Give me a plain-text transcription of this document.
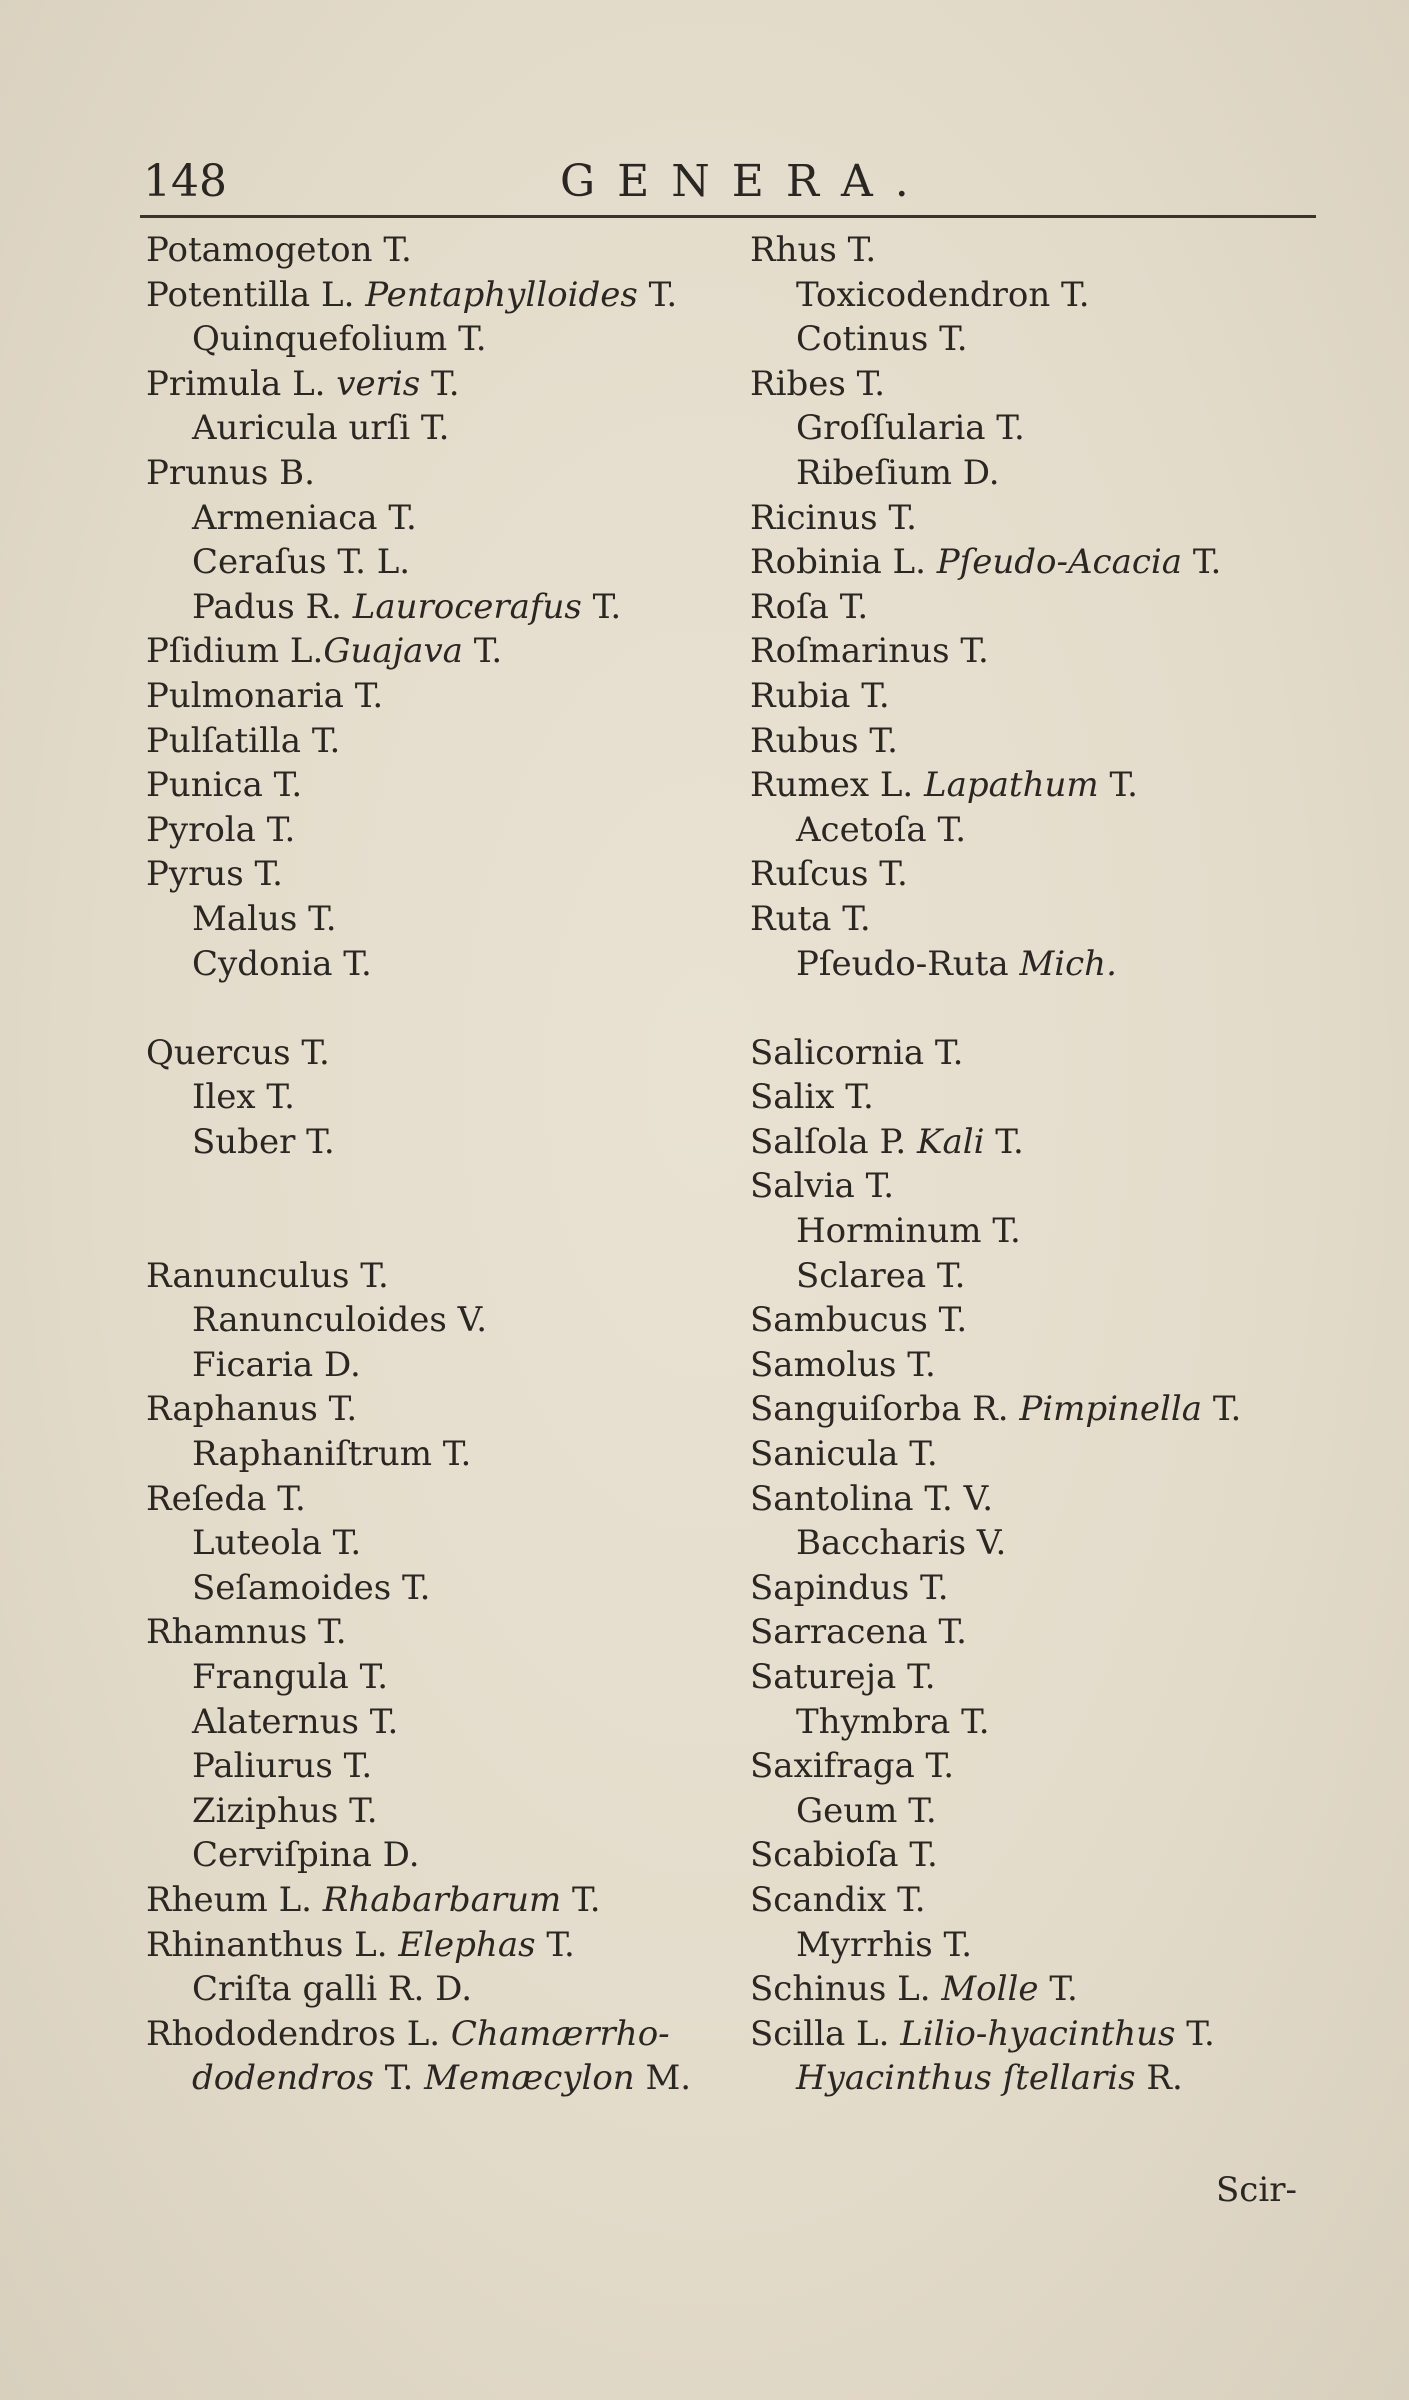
148	GENERA.
Potamogeton T.
Potentilla L. Pentaphylloides T.
Quinquefolium T.
Primula L. veris T.
Auricula urſi T.
Prunus B.
Armeniaca T.
Ceraſus T. L.
Padus R. Laurocerafus T.
Pſidium L.Guajava T.
Pulmonaria T.
Pulſatilla T.
Punica T.
Pyrola T.
Pyrus T.
Malus T.
Cydonia T.
Quercus T.
Ilex T.
Suber T.
Ranunculus T.
Ranunculoides V.
Ficaria D.
Raphanus T.
Raphaniſtrum T.
Reſeda T.
Luteola T.
Seſamoides T.
Rhamnus T.
Frangula T.
Alaternus T.
Paliurus T.
Ziziphus T.
Cerviſpina D.
Rheum L. Rhabarbarum T.
Rhinanthus L. Elephas T.
Criſta galli R. D.
Rhododendros L. Chamærrho-
dodendros T. Memæcylon M.
Rhus T.
Toxicodendron T.
Cotinus T.
Ribes T.
Groſſularia T.
Ribeſium D.
Ricinus T.
Robinia L. Pſeudo-Acacia T.
Roſa T.
Roſmarinus T.
Rubia T.
Rubus T.
Rumex L. Lapathum T.
Acetoſa T.
Ruſcus T.
Ruta T.
Pſeudo-Ruta Mich.
Salicornia T.
Salix T.
Salſola P. Kali T.
Salvia T.
Horminum T.
Sclarea T.
Sambucus T.
Samolus T.
Sanguiſorba R. Pimpinella T.
Sanicula T.
Santolina T. V.
Baccharis V.
Sapindus T.
Sarracena T.
Satureja T.
Thymbra T.
Saxifraga T.
Geum T.
Scabioſa T.
Scandix T.
Myrrhis T.
Schinus L. Molle T.
Scilla L. Lilio-hyacinthus T.
Hyacinthus ſtellaris R.
Scir-
